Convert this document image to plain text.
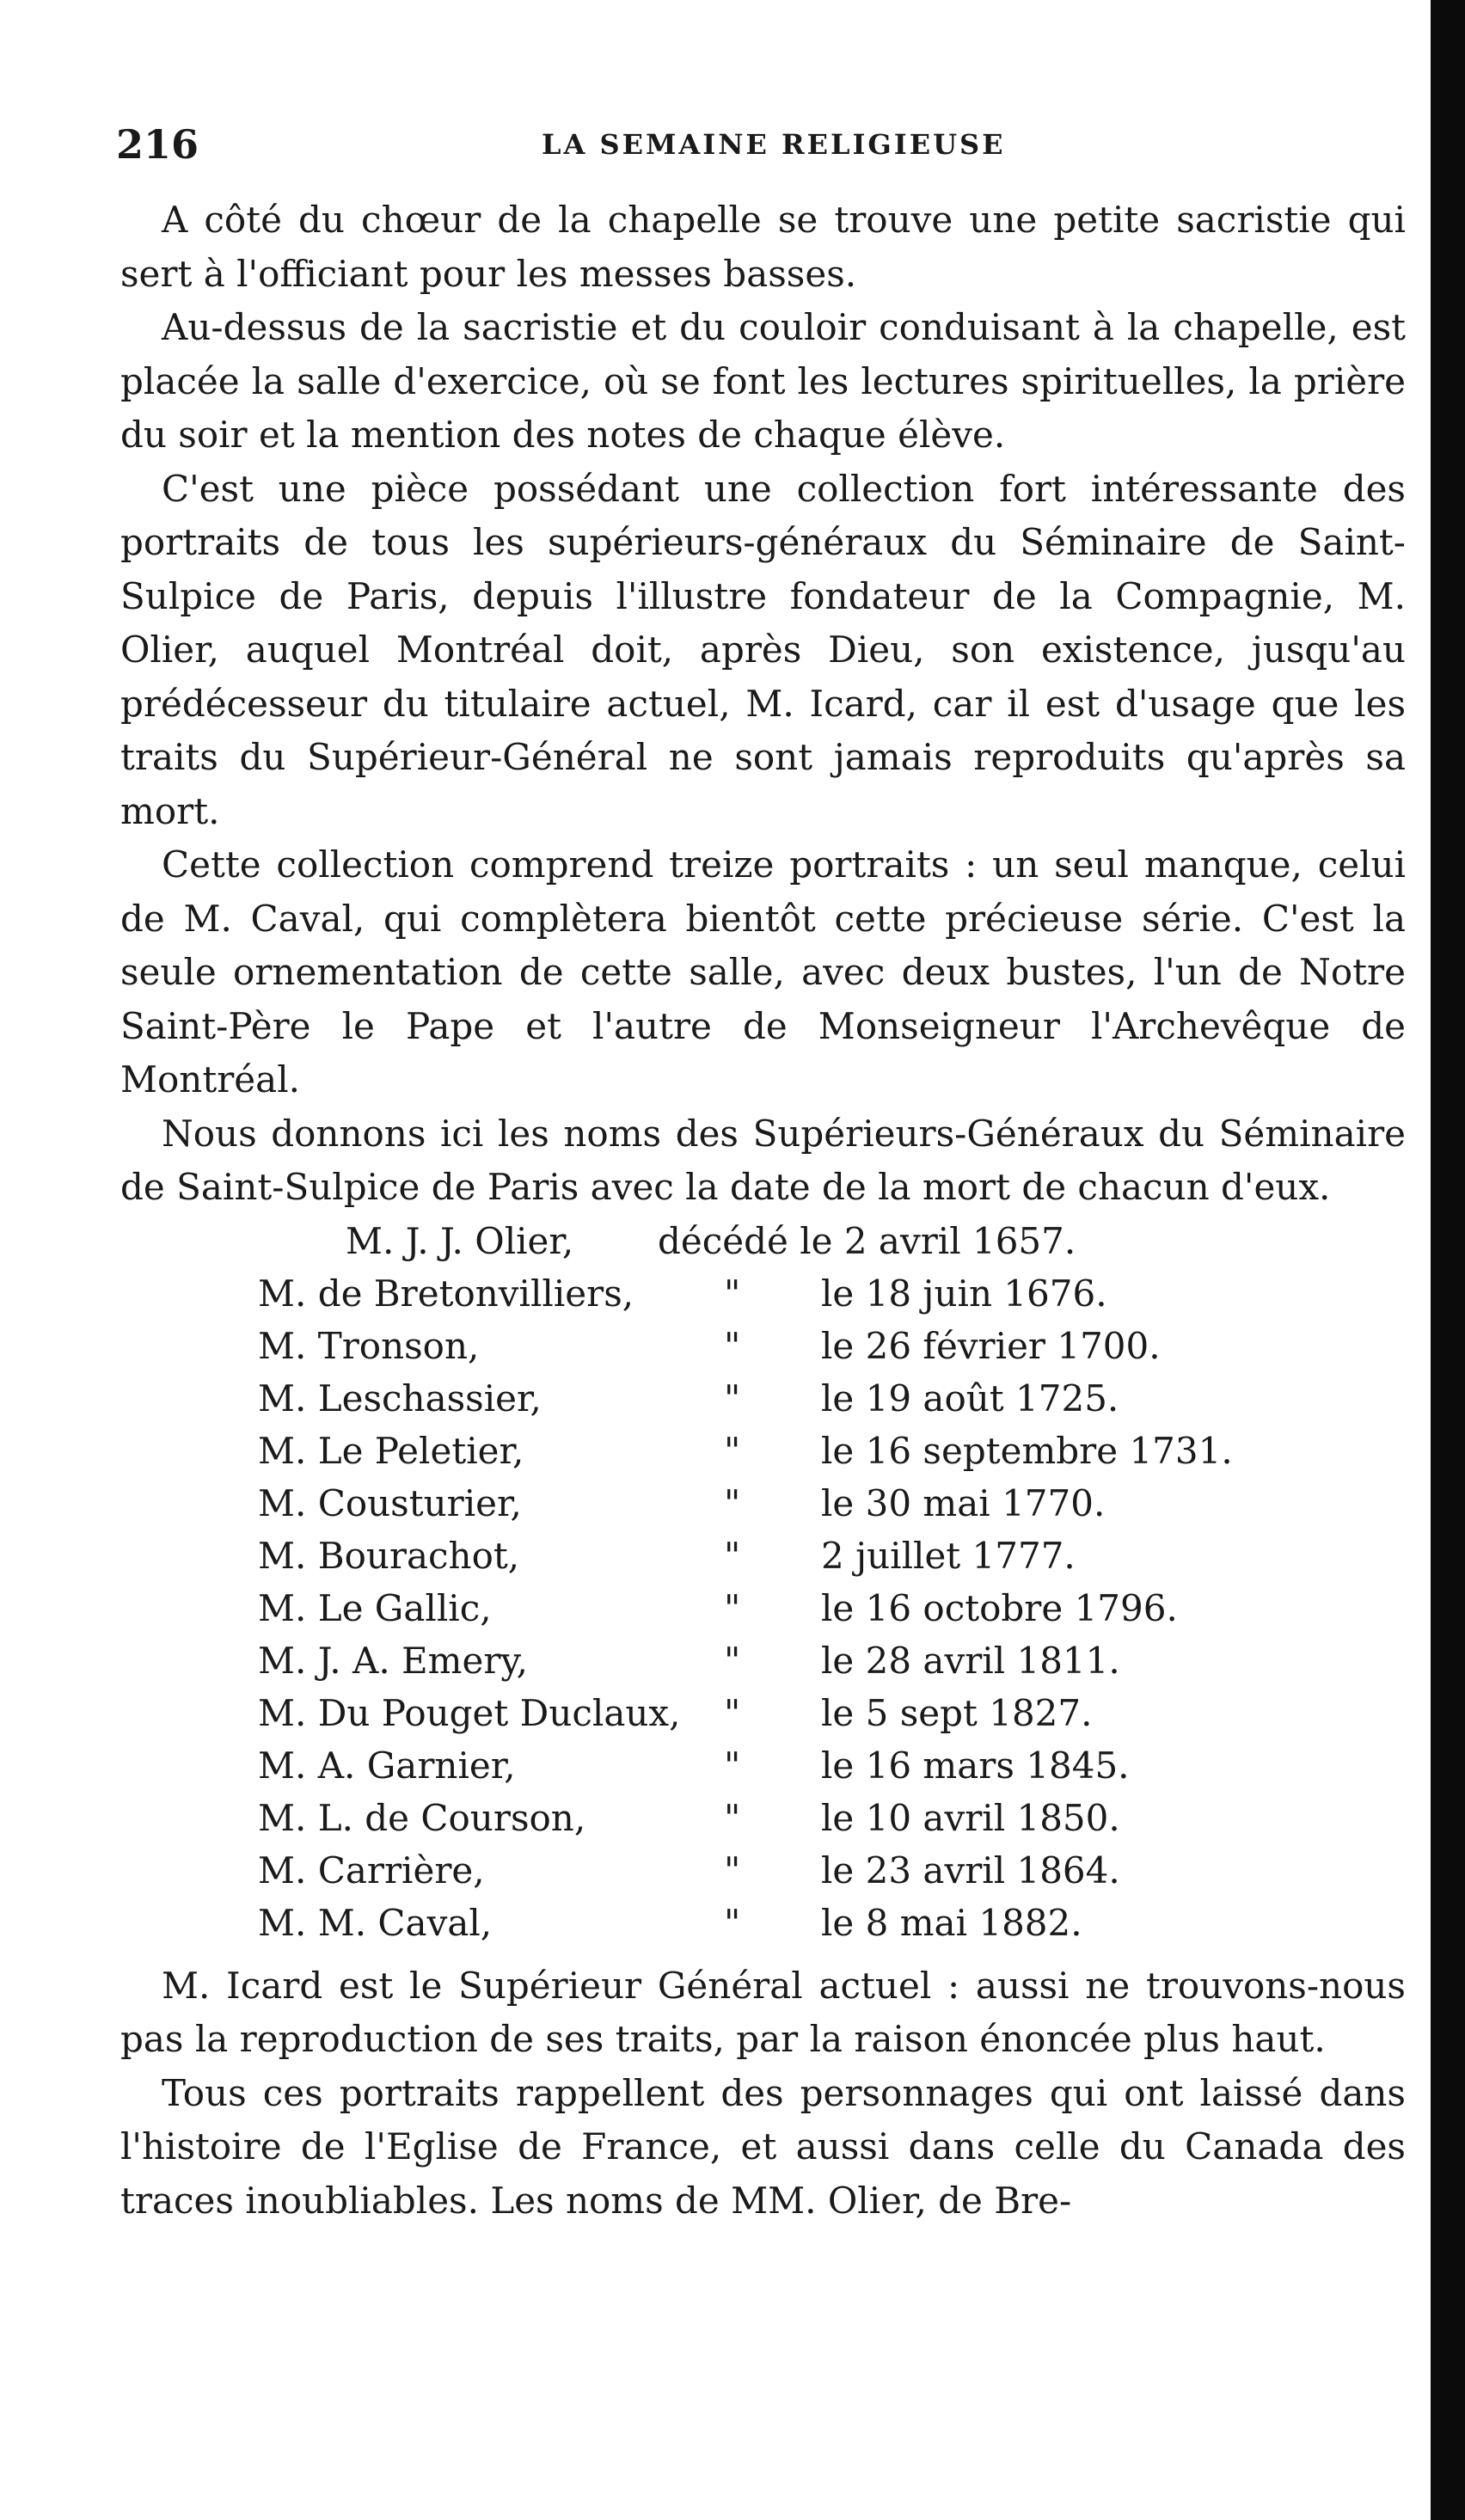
216	LA SEMAINE RELIGIEUSE

A côté du chœur de la chapelle se trouve une petite sacristie qui sert à l'officiant pour les messes basses.

Au-dessus de la sacristie et du couloir conduisant à la chapelle, est placée la salle d'exercice, où se font les lectures spirituelles, la prière du soir et la mention des notes de chaque élève.

C'est une pièce possédant une collection fort intéressante des portraits de tous les supérieurs-généraux du Séminaire de Saint-Sulpice de Paris, depuis l'illustre fondateur de la Compagnie, M. Olier, auquel Montréal doit, après Dieu, son existence, jusqu'au prédécesseur du titulaire actuel, M. Icard, car il est d'usage que les traits du Supérieur-Général ne sont jamais reproduits qu'après sa mort.

Cette collection comprend treize portraits : un seul manque, celui de M. Caval, qui complètera bientôt cette précieuse série. C'est la seule ornementation de cette salle, avec deux bustes, l'un de Notre Saint-Père le Pape et l'autre de Monseigneur l'Archevêque de Montréal.

Nous donnons ici les noms des Supérieurs-Généraux du Séminaire de Saint-Sulpice de Paris avec la date de la mort de chacun d'eux.

M. J. J. Olier, décédé le 2 avril 1657.
M. de Bretonvilliers, " le 18 juin 1676.
M. Tronson,	" le 26 février 1700.
M. Leschassier,	" le 19 août 1725.
M. Le Peletier,	" le 16 septembre 1731.
M. Cousturier,	" le 30 mai 1770.
M. Bourachot,	" 2 juillet 1777.
M. Le Gallic,	" le 16 octobre 1796.
M. J. A. Emery,	" le 28 avril 1811.
M. Du Pouget Duclaux, " le 5 sept 1827.
M. A. Garnier,	" le 16 mars 1845.
M. L. de Courson,	" le 10 avril 1850.
M. Carrière,	" le 23 avril 1864.
M. M. Caval,	" le 8 mai 1882.

M. Icard est le Supérieur Général actuel : aussi ne trouvons-nous pas la reproduction de ses traits, par la raison énoncée plus haut.

Tous ces portraits rappellent des personnages qui ont laissé dans l'histoire de l'Eglise de France, et aussi dans celle du Canada des traces inoubliables. Les noms de MM. Olier, de Bre-
